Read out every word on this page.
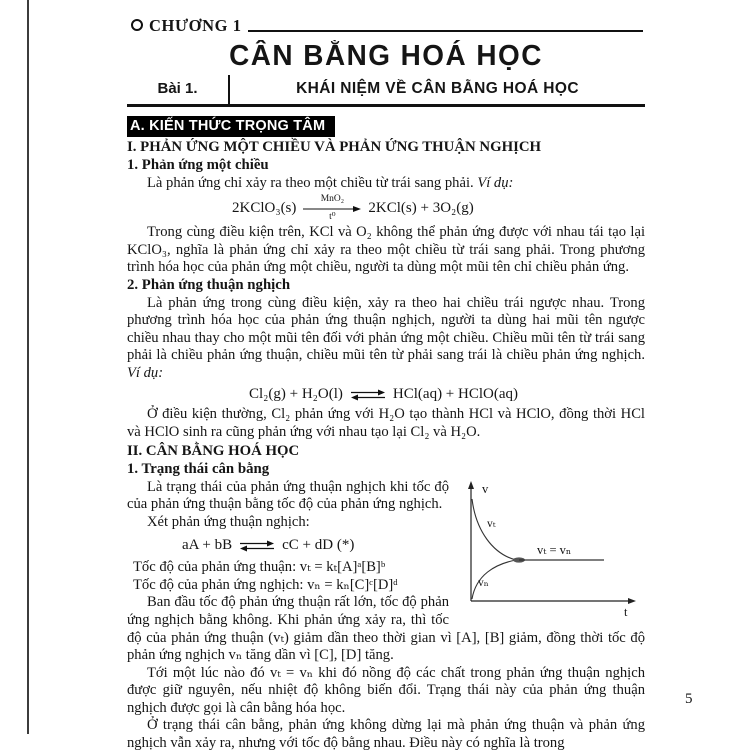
CHƯƠNG 1
CÂN BẰNG HOÁ HỌC
Bài 1.	KHÁI NIỆM VỀ CÂN BẰNG HOÁ HỌC
A. KIẾN THỨC TRỌNG TÂM

I. PHẢN ỨNG MỘT CHIỀU VÀ PHẢN ỨNG THUẬN NGHỊCH

1. Phản ứng một chiều

Là phản ứng chỉ xảy ra theo một chiều từ trái sang phải. Ví dụ:

2KClO₃(s)
MnO₂
t⁰
2KCl(s) + 3O₂(g)

Trong cùng điều kiện trên, KCl và O₂ không thể phản ứng được với nhau tái tạo lại KClO₃, nghĩa là phản ứng chỉ xảy ra theo một chiều từ trái sang phải. Trong phương trình hóa học của phản ứng một chiều, người ta dùng một mũi tên chỉ chiều phản ứng.

2. Phản ứng thuận nghịch

Là phản ứng trong cùng điều kiện, xảy ra theo hai chiều trái ngược nhau. Trong phương trình hóa học của phản ứng thuận nghịch, người ta dùng hai mũi tên ngược chiều nhau thay cho một mũi tên đối với phản ứng một chiều. Chiều mũi tên từ trái sang phải là chiều phản ứng thuận, chiều mũi tên từ phải sang trái là chiều phản ứng nghịch. Ví dụ:

Cl₂(g) + H₂O(l) ⇌ HCl(aq) + HClO(aq)

Ở điều kiện thường, Cl₂ phản ứng với H₂O tạo thành HCl và HClO, đồng thời HCl và HClO sinh ra cũng phản ứng với nhau tạo lại Cl₂ và H₂O.

II. CÂN BẰNG HOÁ HỌC

1. Trạng thái cân bằng

v
t
vₜ = vₙ
vₜ
vₙ

Là trạng thái của phản ứng thuận nghịch khi tốc độ của phản ứng thuận bằng tốc độ của phản ứng nghịch.

Xét phản ứng thuận nghịch:

aA + bB ⇌ cC + dD (*)

Tốc độ của phản ứng thuận: vₜ = kₜ[A]ᵃ[B]ᵇ

Tốc độ của phản ứng nghịch: vₙ = kₙ[C]ᶜ[D]ᵈ

Ban đầu tốc độ phản ứng thuận rất lớn, tốc độ phản ứng nghịch bằng không. Khi phản ứng xảy ra, thì tốc độ của phản ứng thuận (vₜ) giảm dần theo thời gian vì [A], [B] giảm, đồng thời tốc độ phản ứng nghịch vₙ tăng dần vì [C], [D] tăng.

Tới một lúc nào đó vₜ = vₙ khi đó nồng độ các chất trong phản ứng thuận nghịch được giữ nguyên, nếu nhiệt độ không biến đổi. Trạng thái này của phản ứng thuận nghịch được gọi là cân bằng hóa học.

Ở trạng thái cân bằng, phản ứng không dừng lại mà phản ứng thuận và phản ứng nghịch vẫn xảy ra, nhưng với tốc độ bằng nhau. Điều này có nghĩa là trong

5
